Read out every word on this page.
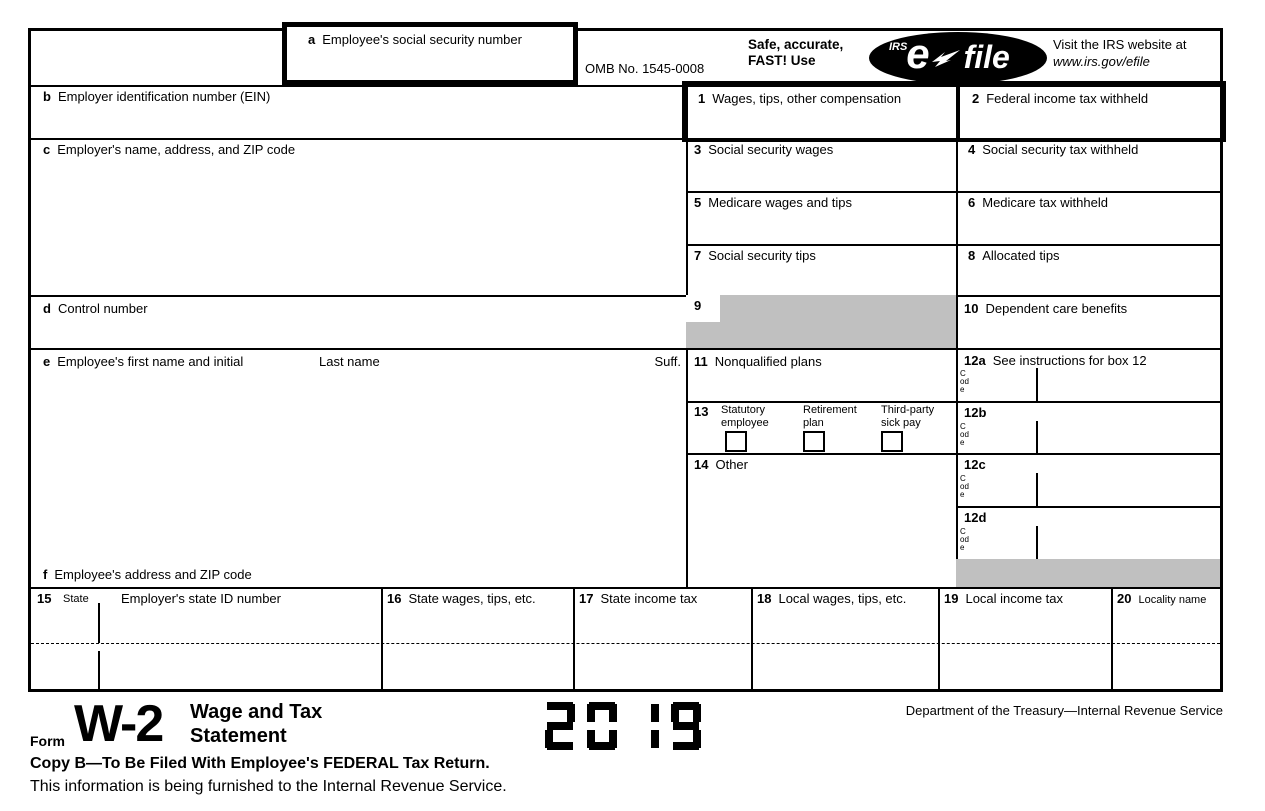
9
a Employee's social security number
OMB No. 1545-0008
Safe, accurate,
FAST! Use
IRS
e file	Visit the IRS website at
www.irs.gov/efile
b Employer identification number (EIN)
c Employer's name, address, and ZIP code
d Control number
e Employee's first name and initial	Last name	Suff.
f Employee's address and ZIP code
1 Wages, tips, other compensation	2 Federal income tax withheld
3 Social security wages	4 Social security tax withheld
5 Medicare wages and tips	6 Medicare tax withheld
7 Social security tips	8 Allocated tips
10 Dependent care benefits
11 Nonqualified plans
14 Other
12a See instructions for box 12
Code
12b
Code
12c
Code
12d
Code
13 Statutory employee
Retirement plan
Third-party sick pay
15	State Employer's state ID number	16 State wages, tips, etc.	17 State income tax	18 Local wages, tips, etc.	19 Local income tax	20 Locality name
Form W-2 Wage and Tax
Statement
Department of the Treasury—Internal Revenue Service
Copy B—To Be Filed With Employee's FEDERAL Tax Return.
This information is being furnished to the Internal Revenue Service.
